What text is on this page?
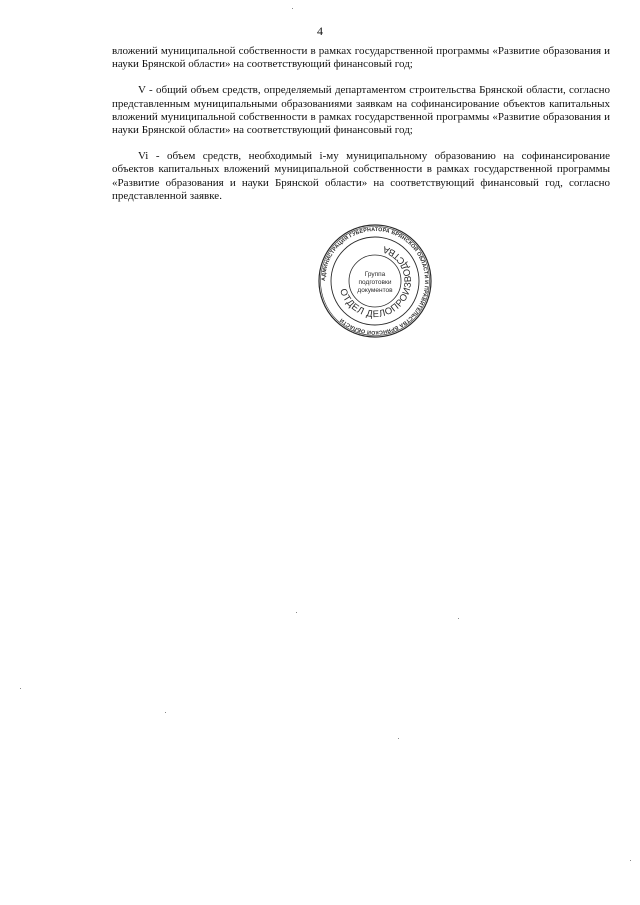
4

вложений муниципальной собственности в рамках государственной программы «Развитие образования и науки Брянской области» на соответствующий финансовый год;

V - общий объем средств, определяемый департаментом строительства Брянской области, согласно представленным муниципальными образованиями заявкам на софинансирование объектов капитальных вложений муниципальной собственности в рамках государственной программы «Развитие образования и науки Брянской области» на соответствующий финансовый год;

Vi - объем средств, необходимый i-му муниципальному образованию на софинансирование объектов капитальных вложений муниципальной собственности в рамках государственной программы «Развитие образования и науки Брянской области» на соответствующий финансовый год, согласно представленной заявке.

АДМИНИСТРАЦИЯ ГУБЕРНАТОРА БРЯНСКОЙ ОБЛАСТИ И ПРАВИТЕЛЬСТВА БРЯНСКОЙ ОБЛАСТИ
ОТДЕЛ ДЕЛОПРОИЗВОДСТВА
Группа
подготовки
документов
